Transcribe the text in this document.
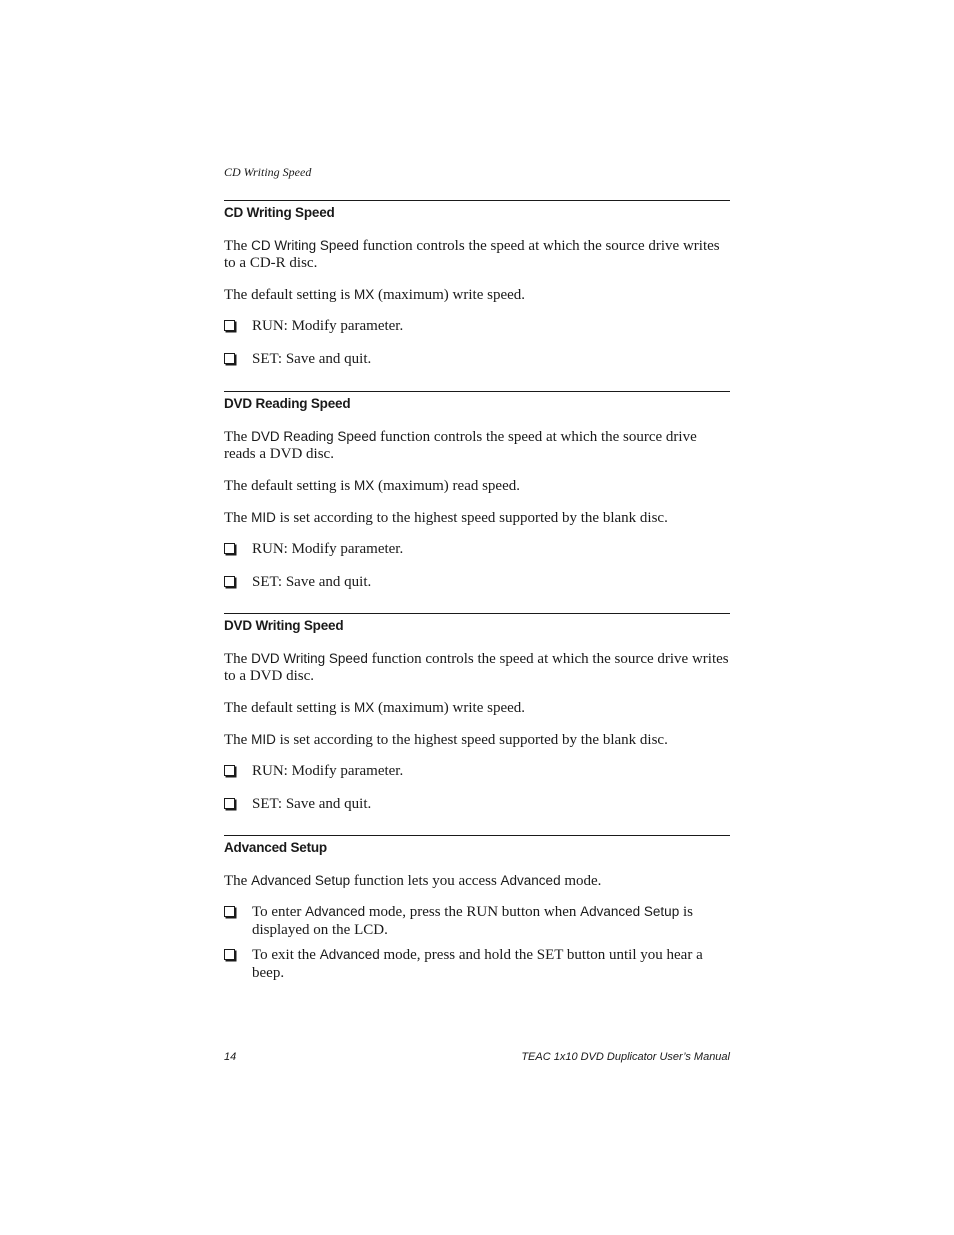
CD Writing Speed
CD Writing Speed

The CD Writing Speed function controls the speed at which the source drive writes to a CD-R disc.

The default setting is MX (maximum) write speed.

RUN: Modify parameter.
SET: Save and quit.
DVD Reading Speed

The DVD Reading Speed function controls the speed at which the source drive reads a DVD disc.

The default setting is MX (maximum) read speed.

The MID is set according to the highest speed supported by the blank disc.

RUN: Modify parameter.
SET: Save and quit.
DVD Writing Speed

The DVD Writing Speed function controls the speed at which the source drive writes to a DVD disc.

The default setting is MX (maximum) write speed.

The MID is set according to the highest speed supported by the blank disc.

RUN: Modify parameter.
SET: Save and quit.
Advanced Setup

The Advanced Setup function lets you access Advanced mode.

To enter Advanced mode, press the RUN button when Advanced Setup is displayed on the LCD.
To exit the Advanced mode, press and hold the SET button until you hear a beep.
14	TEAC 1x10 DVD Duplicator User’s Manual
